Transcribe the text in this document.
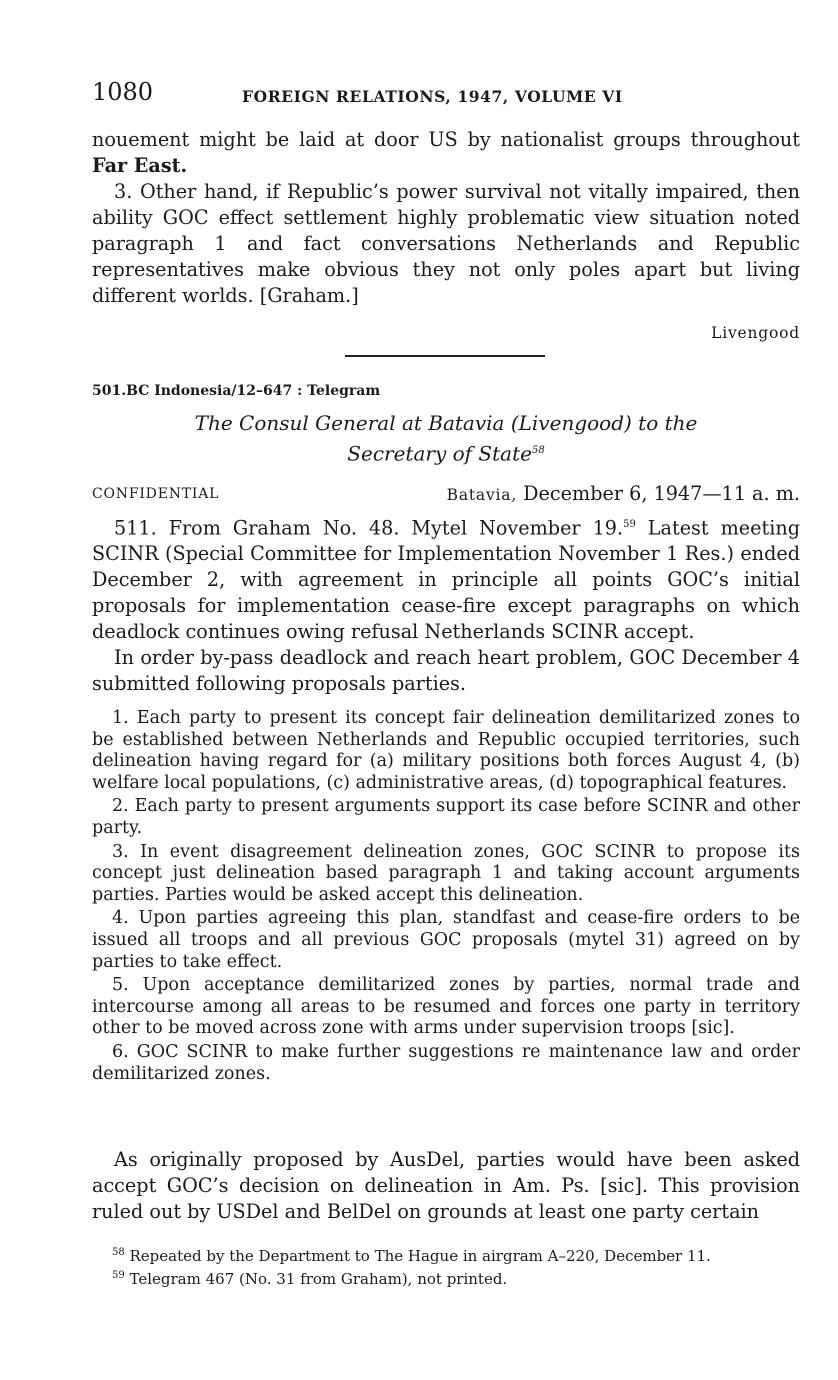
1080	FOREIGN RELATIONS, 1947, VOLUME VI

nouement might be laid at door US by nationalist groups throughout Far East.

3. Other hand, if Republic’s power survival not vitally impaired, then ability GOC effect settlement highly problematic view situation noted paragraph 1 and fact conversations Netherlands and Republic representatives make obvious they not only poles apart but living different worlds. [Graham.]

Livengood
501.BC Indonesia/12–647 : Telegram
The Consul General at Batavia (Livengood) to the
Secretary of State$^{58}$
CONFIDENTIAL	Batavia, December 6, 1947—11 a. m.

511. From Graham No. 48. Mytel November 19.59 Latest meeting SCINR (Special Committee for Implementation November 1 Res.) ended December 2, with agreement in principle all points GOC’s initial proposals for implementation cease-fire except paragraphs on which deadlock continues owing refusal Netherlands SCINR accept.

In order by-pass deadlock and reach heart problem, GOC December 4 submitted following proposals parties.

1. Each party to present its concept fair delineation demilitarized zones to be established between Netherlands and Republic occupied territories, such delineation having regard for (a) military positions both forces August 4, (b) welfare local populations, (c) administrative areas, (d) topographical features.

2. Each party to present arguments support its case before SCINR and other party.

3. In event disagreement delineation zones, GOC SCINR to propose its concept just delineation based paragraph 1 and taking account arguments parties. Parties would be asked accept this delineation.

4. Upon parties agreeing this plan, standfast and cease-fire orders to be issued all troops and all previous GOC proposals (mytel 31) agreed on by parties to take effect.

5. Upon acceptance demilitarized zones by parties, normal trade and intercourse among all areas to be resumed and forces one party in territory other to be moved across zone with arms under supervision troops [sic].

6. GOC SCINR to make further suggestions re maintenance law and order demilitarized zones.

As originally proposed by AusDel, parties would have been asked accept GOC’s decision on delineation in Am. Ps. [sic]. This provision ruled out by USDel and BelDel on grounds at least one party certain

$^{58}$ Repeated by the Department to The Hague in airgram A–220, December 11.

$^{59}$ Telegram 467 (No. 31 from Graham), not printed.
